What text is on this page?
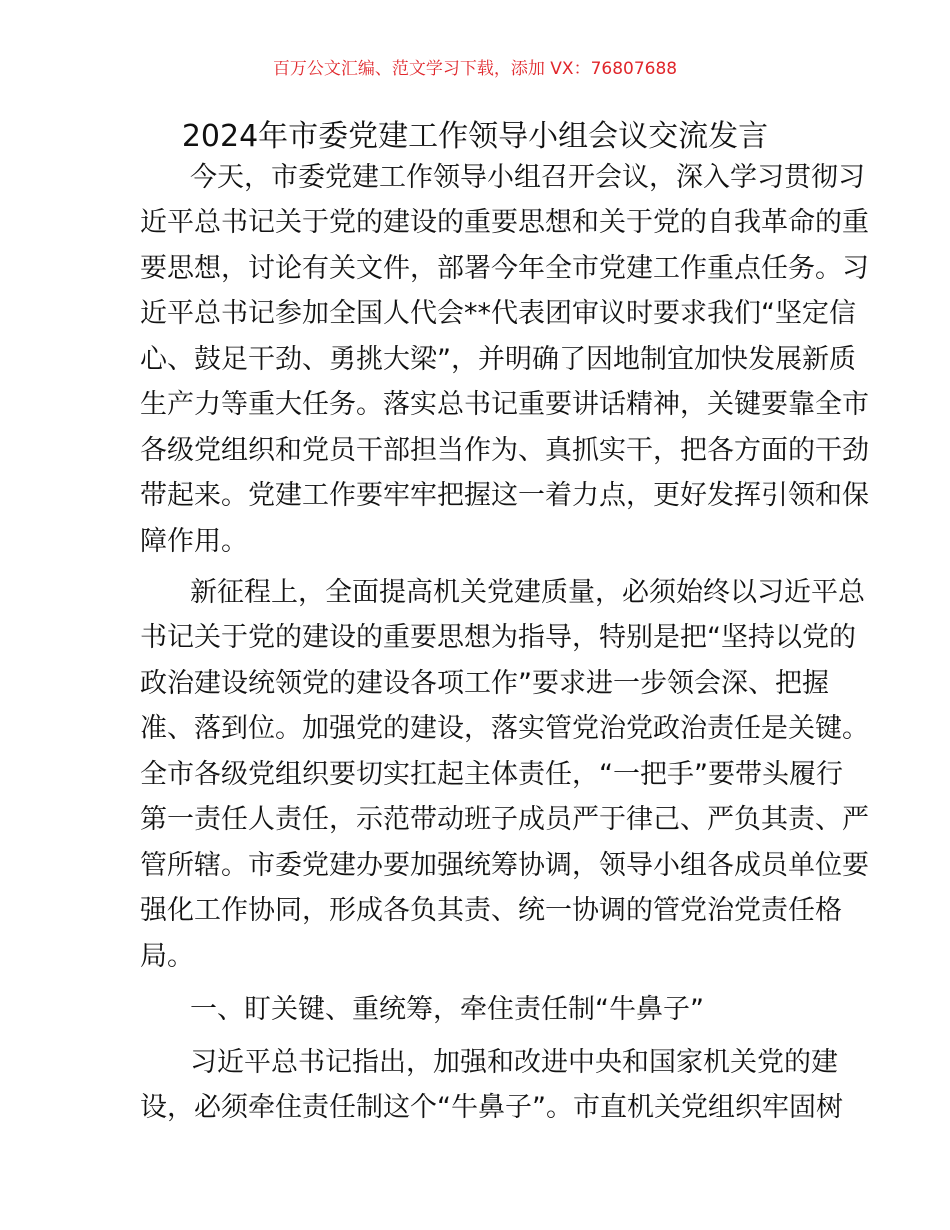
百万公文汇编、范文学习下载，添加 VX：76807688
2024年市委党建工作领导小组会议交流发言
今天，市委党建工作领导小组召开会议，深入学习贯彻习
近平总书记关于党的建设的重要思想和关于党的自我革命的重
要思想，讨论有关文件，部署今年全市党建工作重点任务。习
近平总书记参加全国人代会**代表团审议时要求我们“坚定信
心、鼓足干劲、勇挑大梁”，并明确了因地制宜加快发展新质
生产力等重大任务。落实总书记重要讲话精神，关键要靠全市
各级党组织和党员干部担当作为、真抓实干，把各方面的干劲
带起来。党建工作要牢牢把握这一着力点，更好发挥引领和保
障作用。
新征程上，全面提高机关党建质量，必须始终以习近平总
书记关于党的建设的重要思想为指导，特别是把“坚持以党的
政治建设统领党的建设各项工作”要求进一步领会深、把握
准、落到位。加强党的建设，落实管党治党政治责任是关键。
全市各级党组织要切实扛起主体责任，“一把手”要带头履行
第一责任人责任，示范带动班子成员严于律己、严负其责、严
管所辖。市委党建办要加强统筹协调，领导小组各成员单位要
强化工作协同，形成各负其责、统一协调的管党治党责任格
局。
一、盯关键、重统筹，牵住责任制“牛鼻子”
习近平总书记指出，加强和改进中央和国家机关党的建
设，必须牵住责任制这个“牛鼻子”。市直机关党组织牢固树
